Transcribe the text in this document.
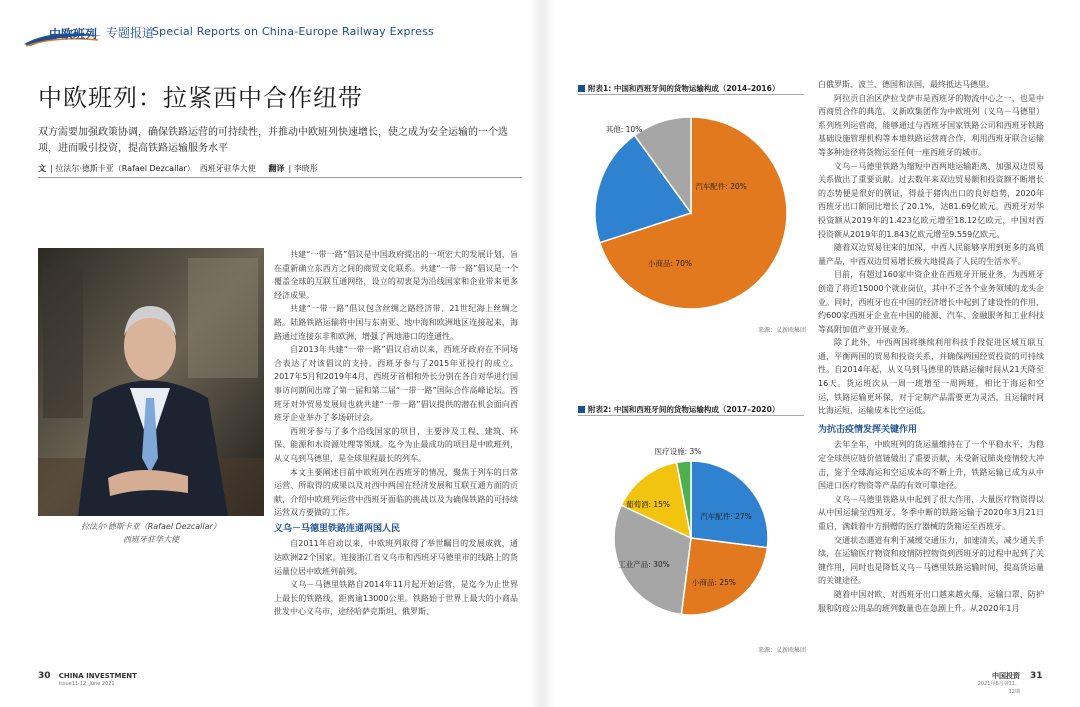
中欧班列 专题报道
Special Reports on China-Europe Railway Express
中欧班列：拉紧西中合作纽带
双方需要加强政策协调，确保铁路运营的可持续性，并推动中欧班列快速增长，使之成为安全运输的一个选项，进而吸引投资，提高铁路运输服务水平
文 | 拉法尔·德斯卡亚（Rafael Dezcallar） 西班牙驻华大使 翻译 | 李晓彤
拉法尔·德斯卡亚（Rafael Dezcallar）
西班牙驻华大使

共建“一带一路”倡议是中国政府提出的一项宏大的发展计划，旨在重新确立东西方之间的商贸文化联系。共建“一带一路”倡议是一个覆盖全球的互联互通网络，设立的初衷是为沿线国家和企业带来更多经济成果。

共建“一带一路”倡议包含丝绸之路经济带、21世纪海上丝绸之路。陆路铁路运输将中国与东南亚、地中海和欧洲地区连接起来，海路通过连接东非和欧洲，增强了两地港口的连通性。

自2013年共建“一带一路”倡议启动以来，西班牙政府在不同场合表达了对该倡议的支持。西班牙参与了2015年亚投行的成立。2017年5月和2019年4月，西班牙首相和外长分别在各自对华进行国事访问期间出席了第一届和第二届“一带一路”国际合作高峰论坛。西班牙对外贸易发展局也就共建“一带一路”倡议提供的潜在机会面向西班牙企业举办了多场研讨会。

西班牙参与了多个沿线国家的项目，主要涉及工程、建筑、环保、能源和水资源处理等领域。迄今为止最成功的项目是中欧班列，从义乌到马德里，是全球里程最长的列车。

本文主要阐述目前中欧班列在西班牙的情况，聚焦于列车的日常运营、所取得的成果以及对西中两国在经济发展和互联互通方面的贡献，介绍中欧班列运营中西班牙面临的挑战以及为确保铁路的可持续运营双方要做的工作。

义乌－马德里铁路连通两国人民

自2011年启动以来，中欧班列取得了举世瞩目的发展成就，通达欧洲22个国家。连接浙江省义乌市和西班牙马德里市的线路上的货运量位居中欧班列前列。

义乌－马德里铁路自2014年11月起开始运营，是迄今为止世界上最长的铁路线，距离逾13000公里。铁路始于世界上最大的小商品批发中心义乌市，途经哈萨克斯坦、俄罗斯、

附表1: 中国和西班牙间的货物运输构成（2014–2016）
小商品: 70%
汽车配件: 20%
其他: 10%
来源：义新欧集团
附表2: 中国和西班牙间的货物运输构成（2017–2020）
汽车配件: 27%
小商品: 25%
工业产品: 30%
葡萄酒: 15%
医疗设施: 3%
来源：义新欧集团

白俄罗斯、波兰、德国和法国，最终抵达马德里。

阿拉贡自治区萨拉戈萨市是西班牙的物流中心之一，也是中西商贸合作的典范。义新欧集团作为中欧班列（义乌－马德里）系列班列运营商，能够通过与西班牙国家铁路公司和西班牙铁路基础设施管理机构等本地铁路运营商合作，利用西班牙联合运输等多种途径将货物运至任何一座西班牙的城市。

义乌－马德里铁路为缩短中西两地运输距离、加强双边贸易关系做出了重要贡献。过去数年来双边贸易额和投资额不断增长的态势便是很好的例证，得益于猪肉出口的良好趋势，2020年西班牙出口额同比增长了20.1%，达81.69亿欧元。西班牙对华投资额从2019年的1.423亿欧元增至18.12亿欧元，中国对西投资额从2019年的1.843亿欧元增至9.559亿欧元。

随着双边贸易往来的加深，中西人民能够享用到更多的高质量产品，中西双边贸易增长极大地提高了人民的生活水平。

目前，有超过160家中资企业在西班牙开展业务，为西班牙创造了将近15000个就业岗位，其中不乏各个业务领域的龙头企业。同时，西班牙也在中国的经济增长中起到了建设性的作用，约600家西班牙企业在中国的能源、汽车、金融服务和工业科技等高附加值产业开展业务。

除了此外，中西两国将继续利用科技手段促进区域互联互通，平衡两国的贸易和投资关系，并确保两国经贸投资的可持续性。自2014年起，从义乌到马德里的铁路运输时间从21天降至16天。货运班次从一周一班增至一周两班，相比于海运和空运，铁路运输更环保，对于定制产品需要更为灵活，且运输时间比海运短，运输成本比空运低。

为抗击疫情发挥关键作用

去年全年，中欧班列的货运量维持在了一个平稳水平，为稳定全球供应链价值链做出了重要贡献，未受新冠肺炎疫情较大冲击，鉴于全球海运和空运成本的不断上升，铁路运输已成为从中国进口医疗物资等产品的有效可靠途径。

义乌－马德里铁路从中起到了很大作用，大量医疗物资得以从中国运输至西班牙。冬季中断的铁路运输于2020年3月21日重启，满载着中方捐赠的医疗器械的货箱运至西班牙。

交通状态遇道有利于减缓交通压力，加速清关，减少通关手续，在运输医疗物资和疫情防控物资到西班牙的过程中起到了关键作用，同时也是降低义乌－马德里铁路运输时间，提高货运量的关键途径。

随着中国对欧、对西班牙出口越来越火爆，运输口罩、防护服和防疫公用品的班列数量也在急剧上升。从2020年1月

30 CHINA INVESTMENT
Issue11-12, June 2021
中国投资
2021年6月第11、12期
31
